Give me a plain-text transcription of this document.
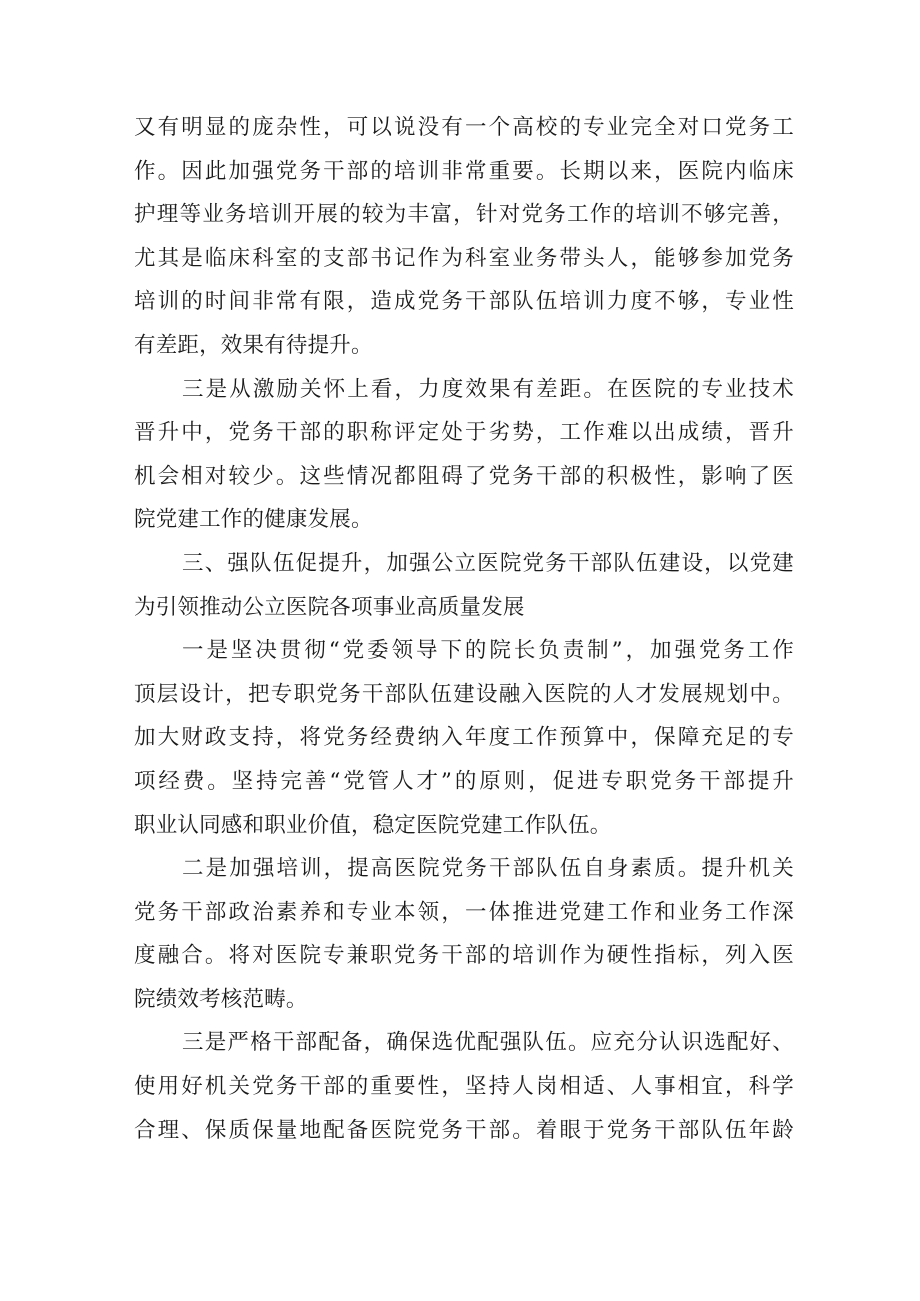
又有明显的庞杂性，可以说没有一个高校的专业完全对口党务工
作。因此加强党务干部的培训非常重要。长期以来，医院内临床
护理等业务培训开展的较为丰富，针对党务工作的培训不够完善，
尤其是临床科室的支部书记作为科室业务带头人，能够参加党务
培训的时间非常有限，造成党务干部队伍培训力度不够，专业性
有差距，效果有待提升。
三是从激励关怀上看，力度效果有差距。在医院的专业技术
晋升中，党务干部的职称评定处于劣势，工作难以出成绩，晋升
机会相对较少。这些情况都阻碍了党务干部的积极性，影响了医
院党建工作的健康发展。
三、强队伍促提升，加强公立医院党务干部队伍建设，以党建
为引领推动公立医院各项事业高质量发展
一是坚决贯彻“党委领导下的院长负责制”，加强党务工作
顶层设计，把专职党务干部队伍建设融入医院的人才发展规划中。
加大财政支持，将党务经费纳入年度工作预算中，保障充足的专
项经费。坚持完善“党管人才”的原则，促进专职党务干部提升
职业认同感和职业价值，稳定医院党建工作队伍。
二是加强培训，提高医院党务干部队伍自身素质。提升机关
党务干部政治素养和专业本领，一体推进党建工作和业务工作深
度融合。将对医院专兼职党务干部的培训作为硬性指标，列入医
院绩效考核范畴。
三是严格干部配备，确保选优配强队伍。应充分认识选配好、
使用好机关党务干部的重要性，坚持人岗相适、人事相宜，科学
合理、保质保量地配备医院党务干部。着眼于党务干部队伍年龄
